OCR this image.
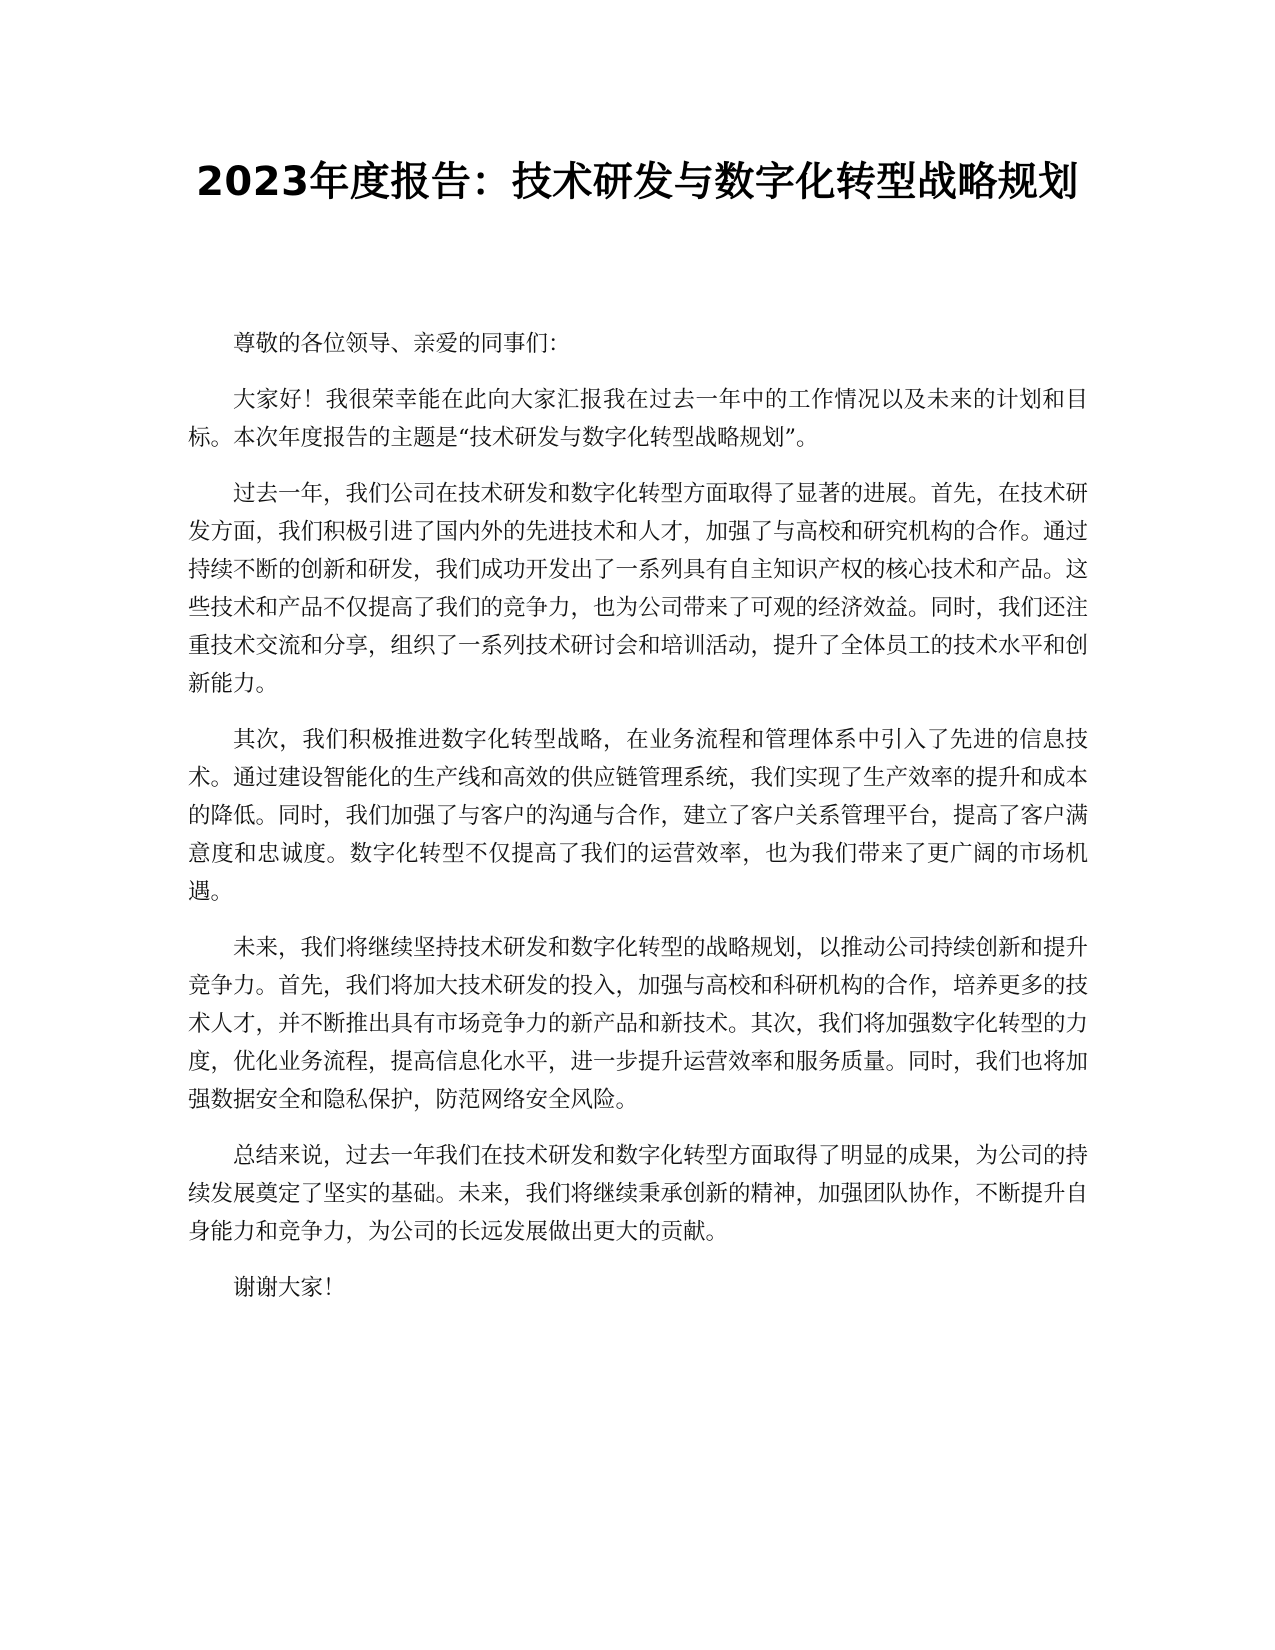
2023年度报告：技术研发与数字化转型战略规划

尊敬的各位领导、亲爱的同事们：

大家好！我很荣幸能在此向大家汇报我在过去一年中的工作情况以及未来的计划和目标。本次年度报告的主题是“技术研发与数字化转型战略规划”。

过去一年，我们公司在技术研发和数字化转型方面取得了显著的进展。首先，在技术研发方面，我们积极引进了国内外的先进技术和人才，加强了与高校和研究机构的合作。通过持续不断的创新和研发，我们成功开发出了一系列具有自主知识产权的核心技术和产品。这些技术和产品不仅提高了我们的竞争力，也为公司带来了可观的经济效益。同时，我们还注重技术交流和分享，组织了一系列技术研讨会和培训活动，提升了全体员工的技术水平和创新能力。

其次，我们积极推进数字化转型战略，在业务流程和管理体系中引入了先进的信息技术。通过建设智能化的生产线和高效的供应链管理系统，我们实现了生产效率的提升和成本的降低。同时，我们加强了与客户的沟通与合作，建立了客户关系管理平台，提高了客户满意度和忠诚度。数字化转型不仅提高了我们的运营效率，也为我们带来了更广阔的市场机遇。

未来，我们将继续坚持技术研发和数字化转型的战略规划，以推动公司持续创新和提升竞争力。首先，我们将加大技术研发的投入，加强与高校和科研机构的合作，培养更多的技术人才，并不断推出具有市场竞争力的新产品和新技术。其次，我们将加强数字化转型的力度，优化业务流程，提高信息化水平，进一步提升运营效率和服务质量。同时，我们也将加强数据安全和隐私保护，防范网络安全风险。

总结来说，过去一年我们在技术研发和数字化转型方面取得了明显的成果，为公司的持续发展奠定了坚实的基础。未来，我们将继续秉承创新的精神，加强团队协作，不断提升自身能力和竞争力，为公司的长远发展做出更大的贡献。

谢谢大家！
